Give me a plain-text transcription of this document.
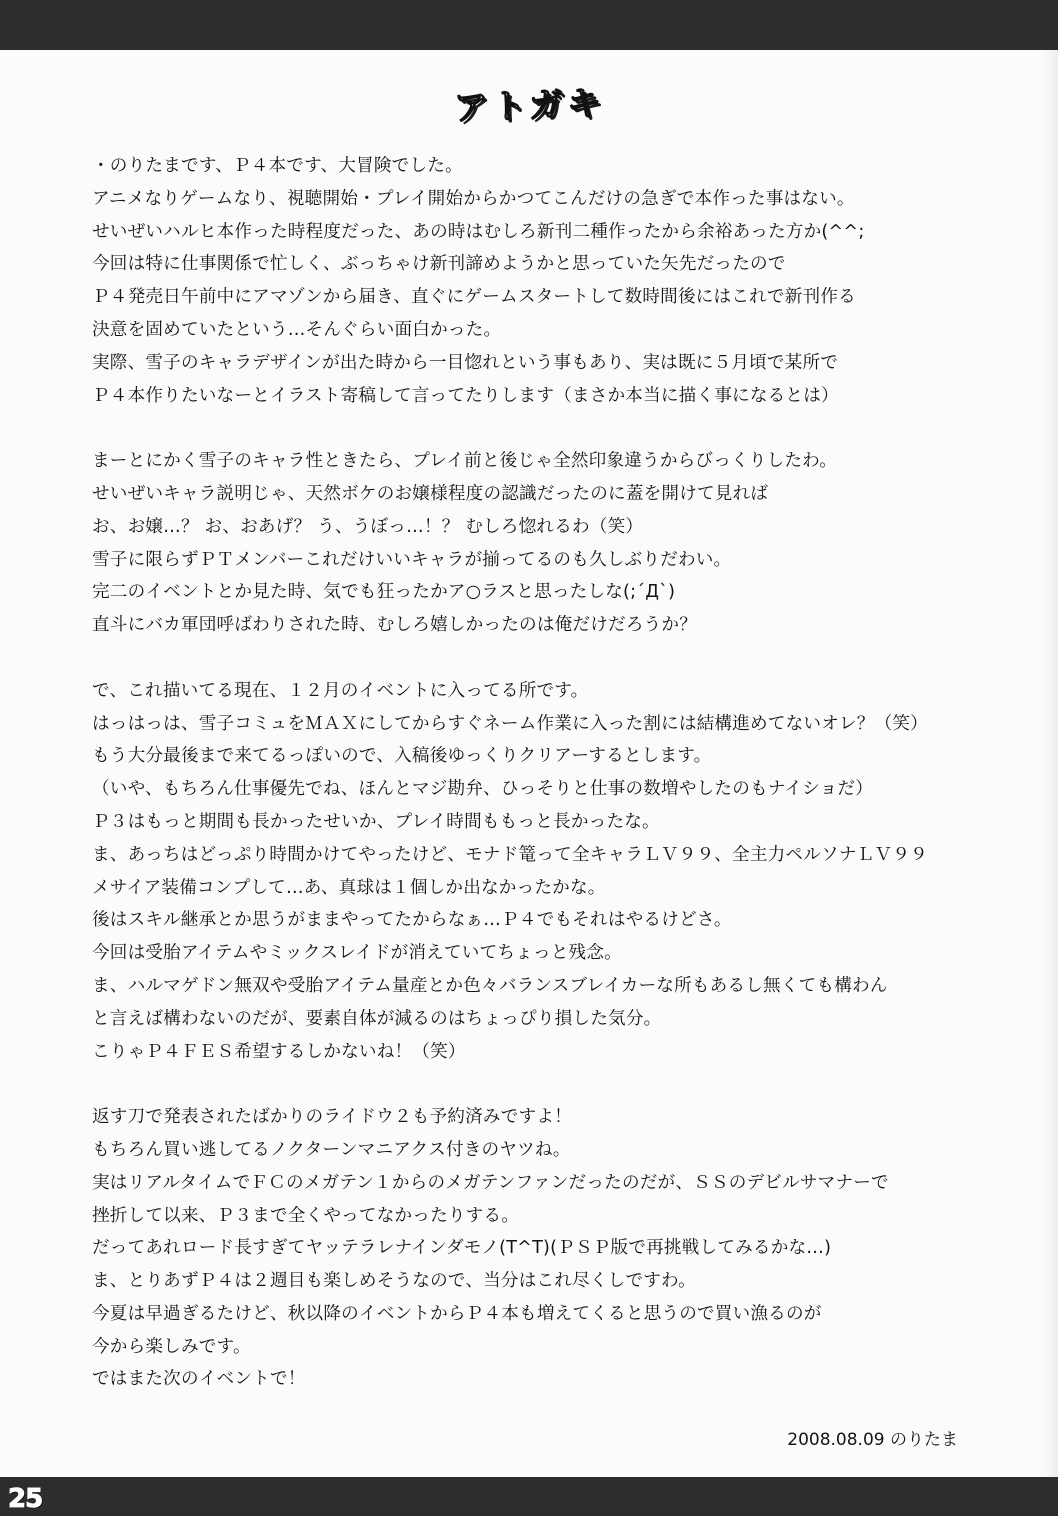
アトガキ
・のりたまです、Ｐ４本です、大冒険でした。
アニメなりゲームなり、視聴開始・プレイ開始からかつてこんだけの急ぎで本作った事はない。
せいぜいハルヒ本作った時程度だった、あの時はむしろ新刊二種作ったから余裕あった方か(^^;
今回は特に仕事関係で忙しく、ぶっちゃけ新刊諦めようかと思っていた矢先だったので
Ｐ４発売日午前中にアマゾンから届き、直ぐにゲームスタートして数時間後にはこれで新刊作る
決意を固めていたという…そんぐらい面白かった。
実際、雪子のキャラデザインが出た時から一目惚れという事もあり、実は既に５月頃で某所で
Ｐ４本作りたいなーとイラスト寄稿して言ってたりします（まさか本当に描く事になるとは）
まーとにかく雪子のキャラ性ときたら、プレイ前と後じゃ全然印象違うからびっくりしたわ。
せいぜいキャラ説明じゃ、天然ボケのお嬢様程度の認識だったのに蓋を開けて見れば
お、お嬢…？ お、おあげ？ う、うぼっ…！？ むしろ惚れるわ（笑）
雪子に限らずＰＴメンバーこれだけいいキャラが揃ってるのも久しぶりだわい。
完二のイベントとか見た時、気でも狂ったかア○ラスと思ったしな(;´Д`)
直斗にバカ軍団呼ばわりされた時、むしろ嬉しかったのは俺だけだろうか？
で、これ描いてる現在、１２月のイベントに入ってる所です。
はっはっは、雪子コミュをＭＡＸにしてからすぐネーム作業に入った割には結構進めてないオレ？（笑）
もう大分最後まで来てるっぽいので、入稿後ゆっくりクリアーするとします。
（いや、もちろん仕事優先でね、ほんとマジ勘弁、ひっそりと仕事の数増やしたのもナイショだ）
Ｐ３はもっと期間も長かったせいか、プレイ時間ももっと長かったな。
ま、あっちはどっぷり時間かけてやったけど、モナド篭って全キャラＬＶ９９、全主力ペルソナＬＶ９９
メサイア装備コンプして…あ、真球は１個しか出なかったかな。
後はスキル継承とか思うがままやってたからなぁ…Ｐ４でもそれはやるけどさ。
今回は受胎アイテムやミックスレイドが消えていてちょっと残念。
ま、ハルマゲドン無双や受胎アイテム量産とか色々バランスブレイカーな所もあるし無くても構わん
と言えば構わないのだが、要素自体が減るのはちょっぴり損した気分。
こりゃＰ４ＦＥＳ希望するしかないね！（笑）
返す刀で発表されたばかりのライドウ２も予約済みですよ！
もちろん買い逃してるノクターンマニアクス付きのヤツね。
実はリアルタイムでＦＣのメガテン１からのメガテンファンだったのだが、ＳＳのデビルサマナーで
挫折して以来、Ｐ３まで全くやってなかったりする。
だってあれロード長すぎてヤッテラレナインダモノ(T^T)(ＰＳＰ版で再挑戦してみるかな…)
ま、とりあずＰ４は２週目も楽しめそうなので、当分はこれ尽くしですわ。
今夏は早過ぎるたけど、秋以降のイベントからＰ４本も増えてくると思うので買い漁るのが
今から楽しみです。
ではまた次のイベントで！
2008.08.09 のりたま
25
